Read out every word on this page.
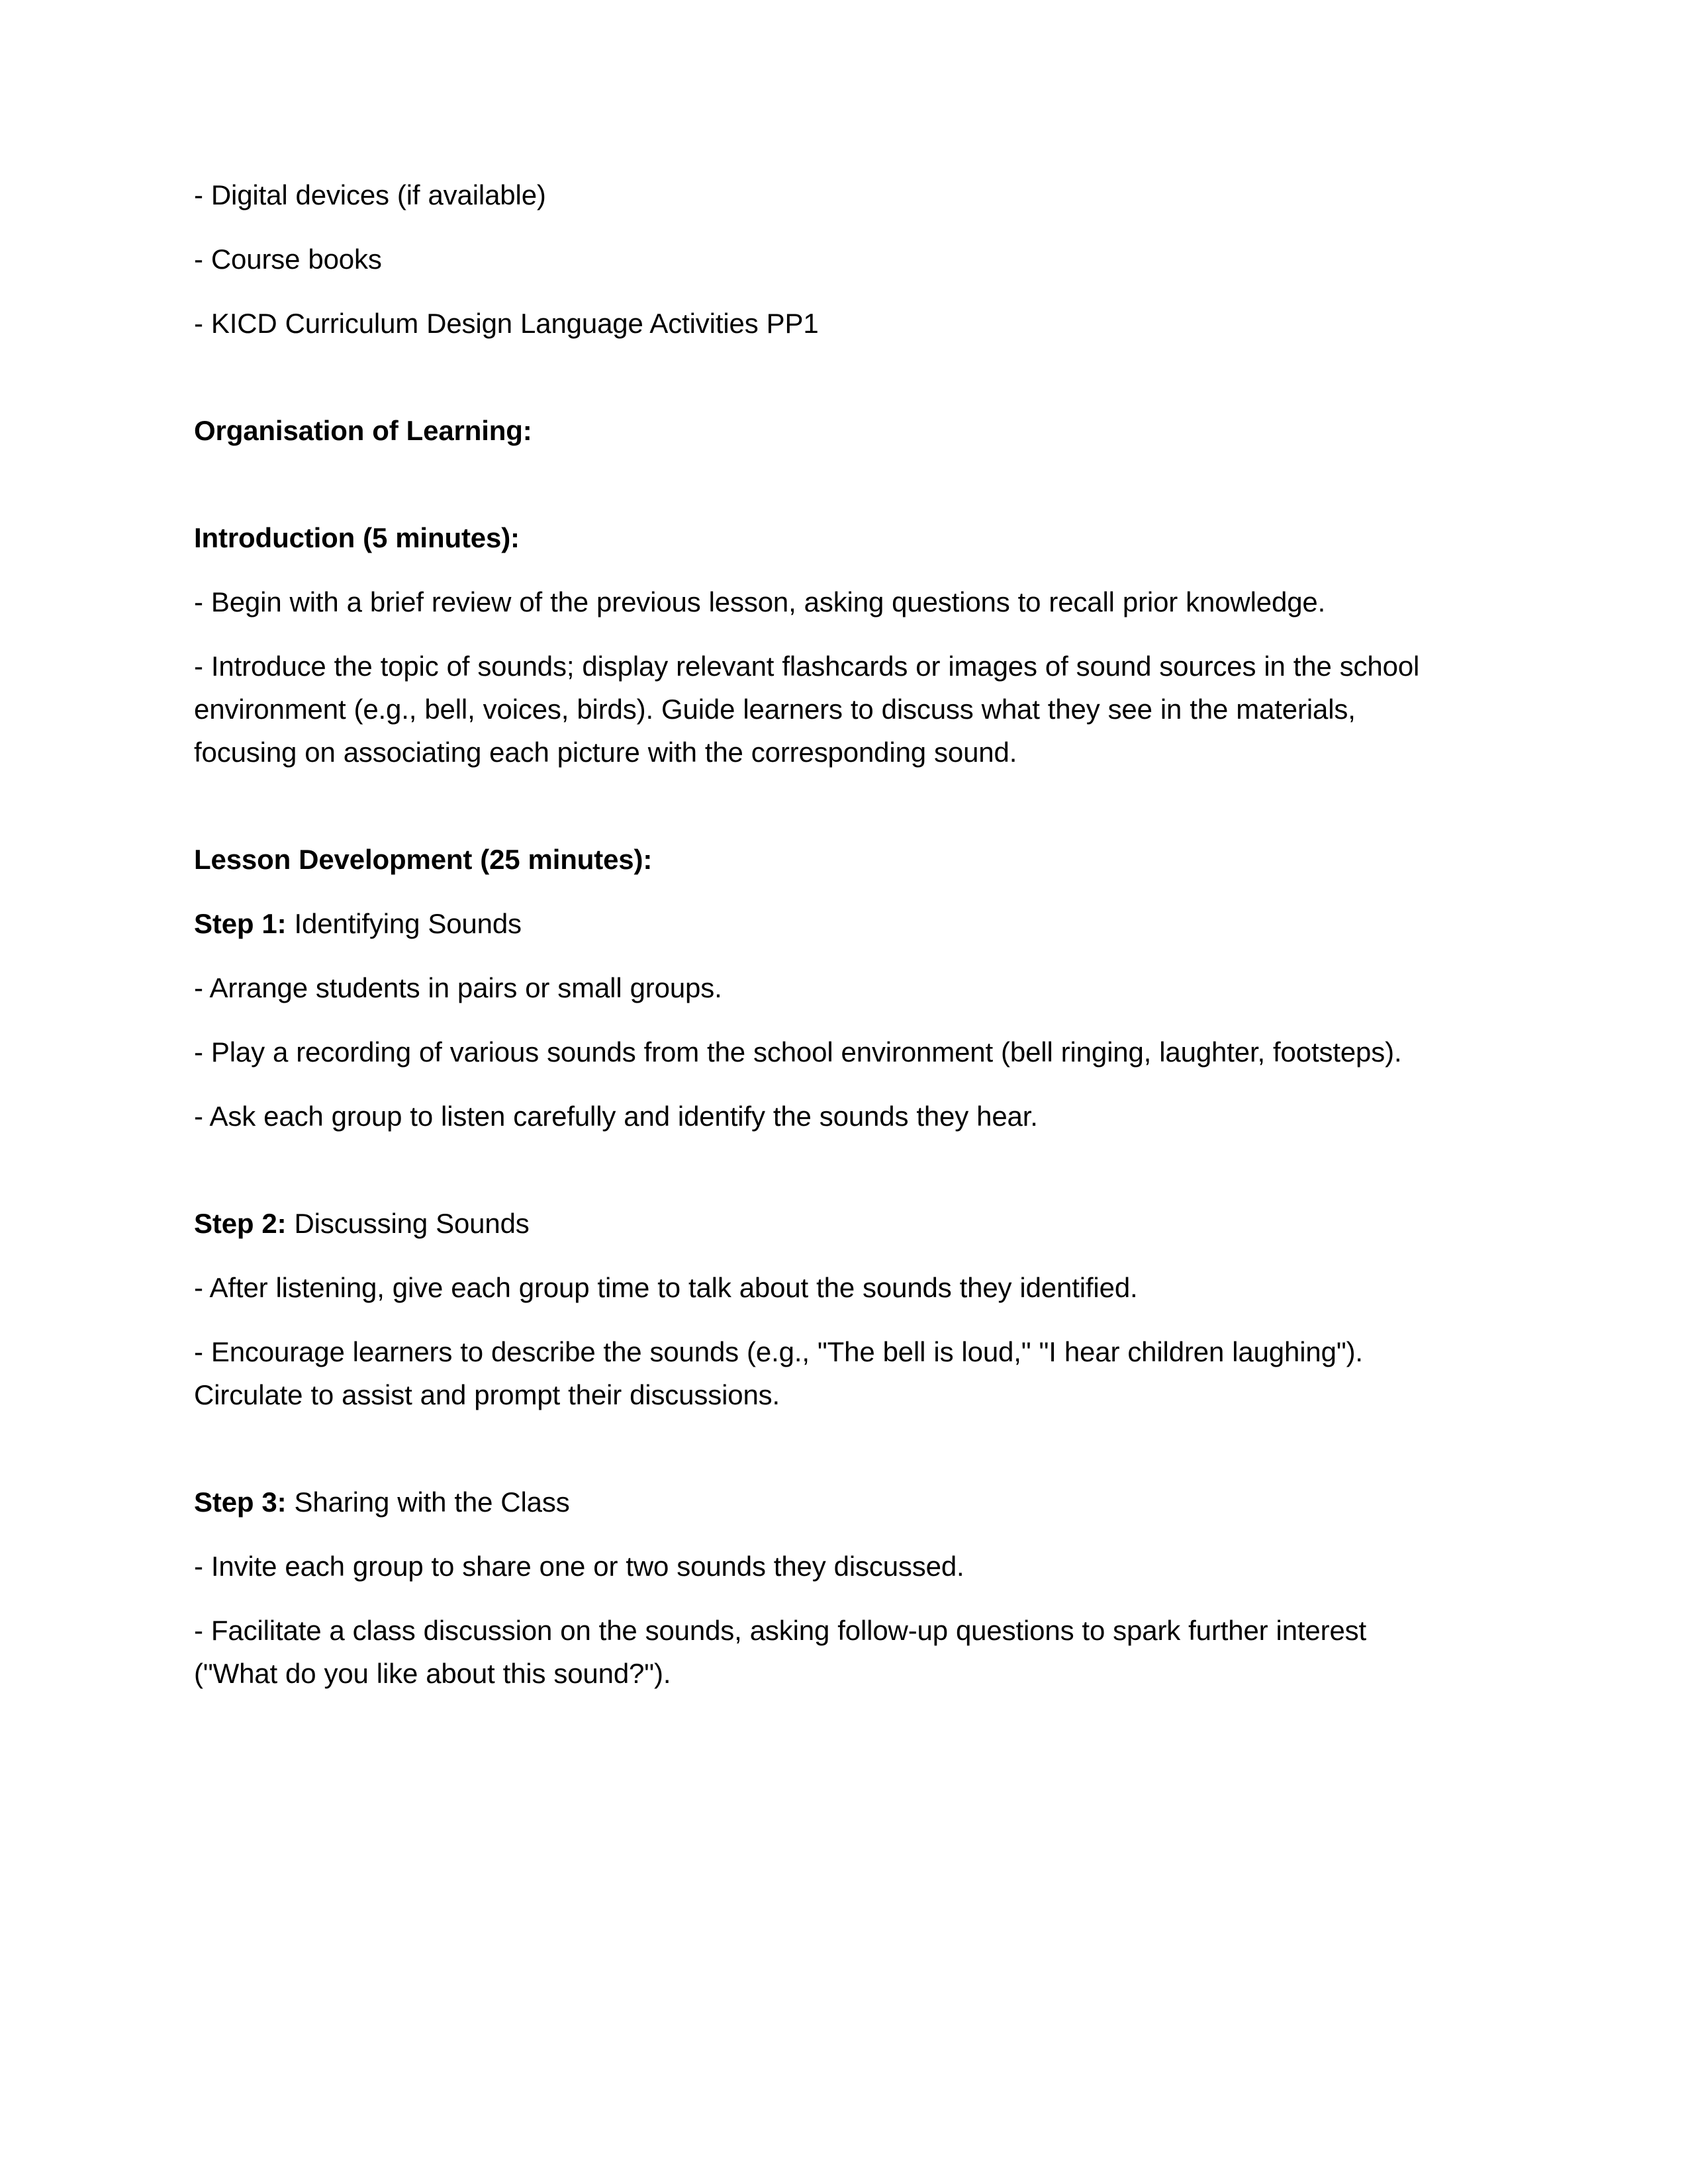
- Digital devices (if available)

- Course books

- KICD Curriculum Design Language Activities PP1

Organisation of Learning:

Introduction (5 minutes):

- Begin with a brief review of the previous lesson, asking questions to recall prior knowledge.

- Introduce the topic of sounds; display relevant flashcards or images of sound sources in the school environment (e.g., bell, voices, birds). Guide learners to discuss what they see in the materials, focusing on associating each picture with the corresponding sound.

Lesson Development (25 minutes):

Step 1: Identifying Sounds

- Arrange students in pairs or small groups.

- Play a recording of various sounds from the school environment (bell ringing, laughter, footsteps).

- Ask each group to listen carefully and identify the sounds they hear.

Step 2: Discussing Sounds

- After listening, give each group time to talk about the sounds they identified.

- Encourage learners to describe the sounds (e.g., "The bell is loud," "I hear children laughing"). Circulate to assist and prompt their discussions.

Step 3: Sharing with the Class

- Invite each group to share one or two sounds they discussed.

- Facilitate a class discussion on the sounds, asking follow-up questions to spark further interest ("What do you like about this sound?").
